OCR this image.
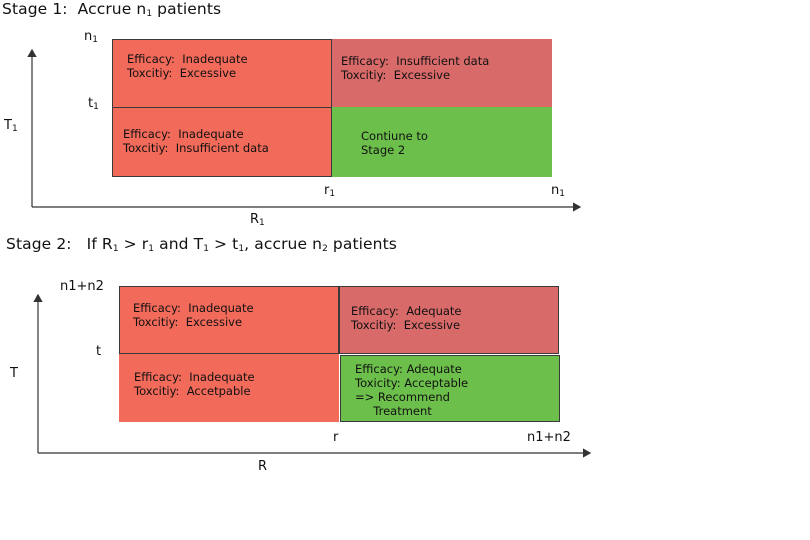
Stage 1:  Accrue n1 patients
n1
t1
T1
r1	n1
R1
Efficacy:  Inadequate
Toxcitiy:  Excessive
Efficacy:  Insufficient data
Toxcitiy:  Excessive
Efficacy:  Inadequate
Toxcitiy:  Insufficient data
Contiune to
Stage 2
Stage 2:   If R1 > r1 and T1 > t1, accrue n2 patients
n1+n2
t
T
r	n1+n2
R
Efficacy:  Inadequate
Toxcitiy:  Excessive
Efficacy:  Adequate
Toxcitiy:  Excessive
Efficacy:  Inadequate
Toxcitiy:  Accetpable
Efficacy: Adequate
Toxicity: Acceptable
=> Recommend
Treatment
